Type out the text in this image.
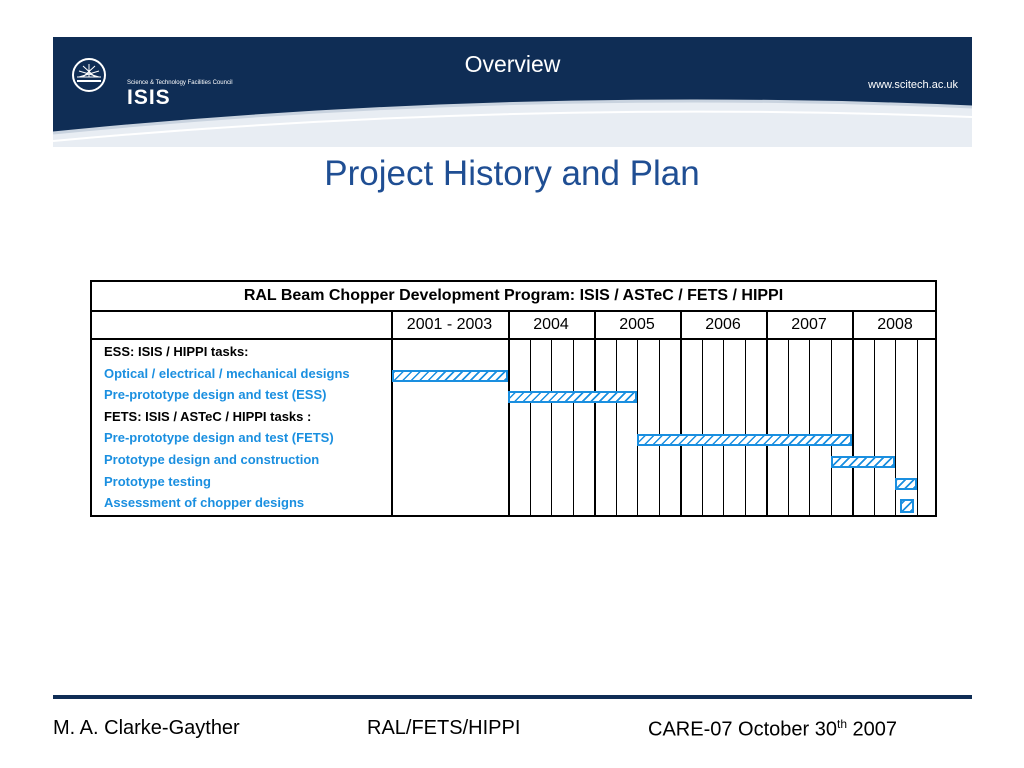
Science & Technology Facilities Council
ISIS
Overview
www.scitech.ac.uk
Project History and Plan
RAL Beam Chopper Development Program: ISIS / ASTeC / FETS / HIPPI
2001 - 2003	2004	2005	2006	2007	2008
ESS: ISIS / HIPPI tasks:
Optical / electrical / mechanical designs
Pre-prototype design and test (ESS)
FETS: ISIS / ASTeC / HIPPI tasks :
Pre-prototype design and test (FETS)
Prototype design and construction
Prototype testing
Assessment of chopper designs
M. A. Clarke-Gayther	RAL/FETS/HIPPI	CARE-07 October 30th 2007
